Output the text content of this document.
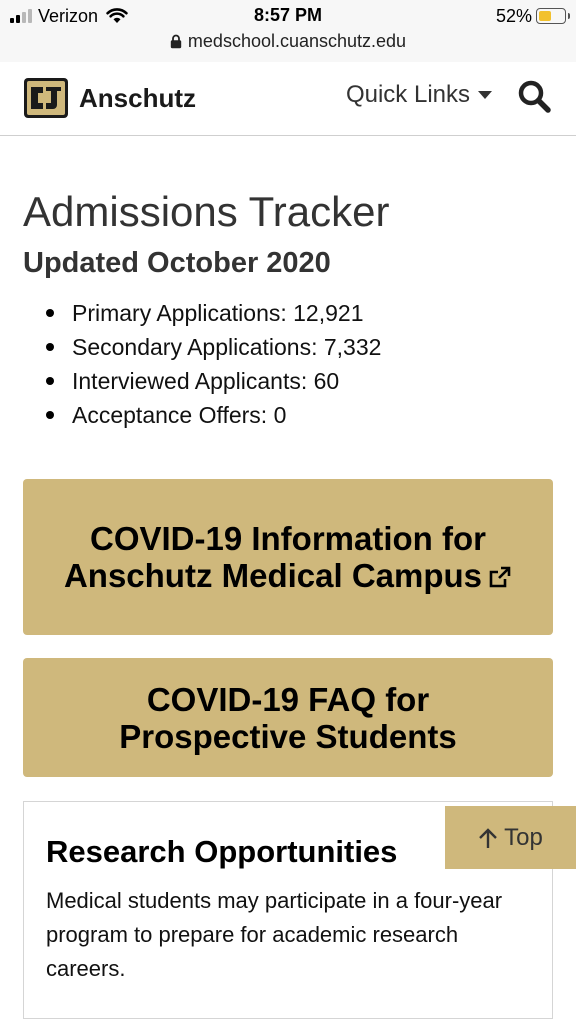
Verizon	8:57 PM	52%
medschool.cuanschutz.edu
Anschutz	Quick Links
Admissions Tracker
Updated October 2020
Primary Applications: 12,921
Secondary Applications: 7,332
Interviewed Applicants: 60
Acceptance Offers: 0
COVID-19 Information for Anschutz Medical Campus
COVID-19 FAQ for Prospective Students
Research Opportunities
Medical students may participate in a four-year program to prepare for academic research careers.
Top
